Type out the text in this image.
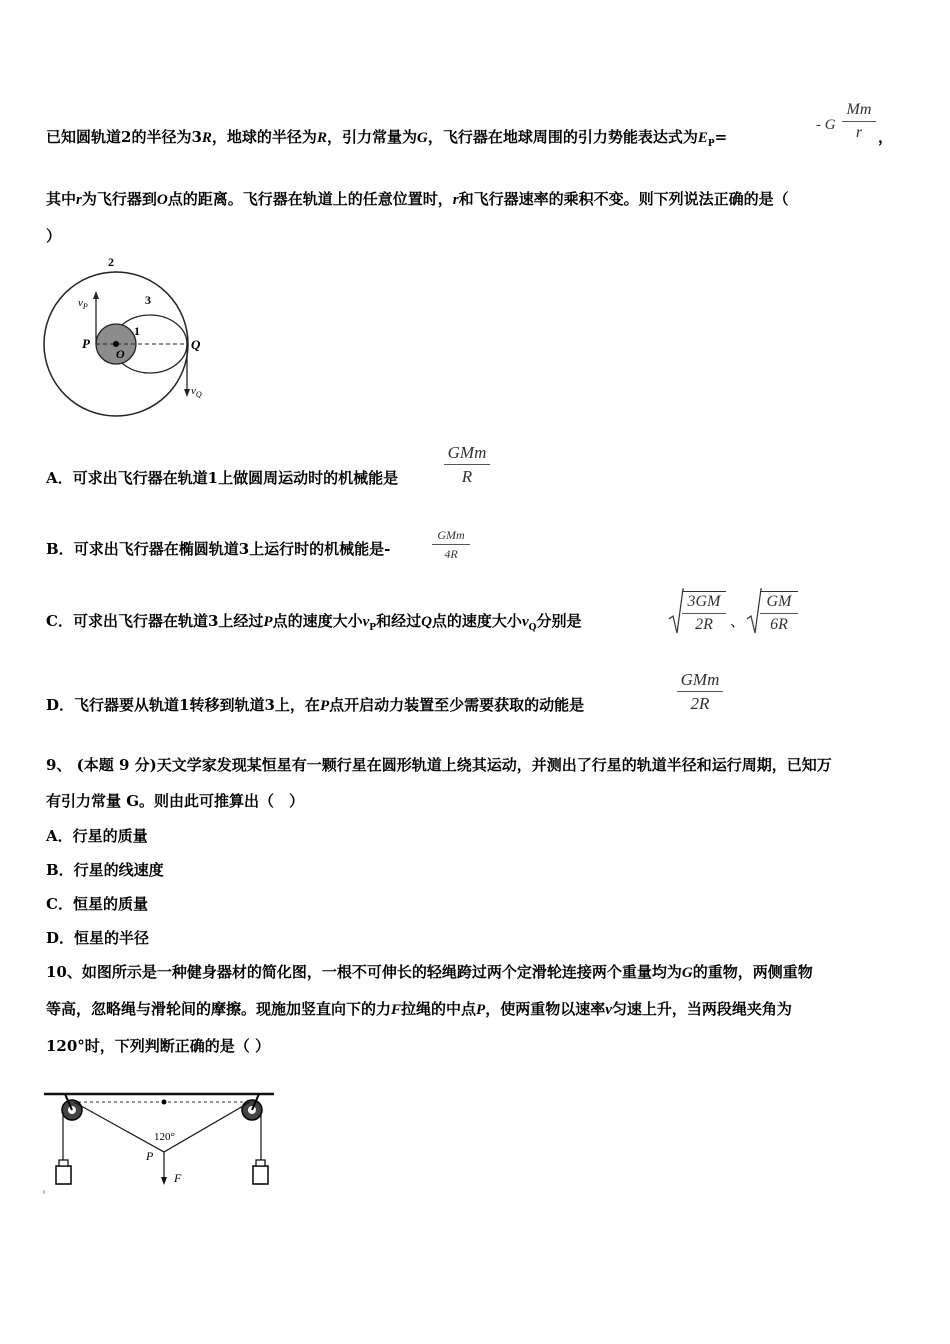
已知圆轨道2的半径为3R，地球的半径为R，引力常量为G，飞行器在地球周围的引力势能表达式为$E_P=$
- G
Mm
r	，
其中r为飞行器到O点的距离。飞行器在轨道上的任意位置时，r和飞行器速率的乘积不变。则下列说法正确的是（
）
2
3
1
P
O
Q
$v_P$
$v_Q$
A．可求出飞行器在轨道1上做圆周运动时的机械能是
GMm
R
B．可求出飞行器在椭圆轨道3上运行时的机械能是-
GMm
4R
C．可求出飞行器在轨道3上经过P点的速度大小$v_P$和经过Q点的速度大小$v_Q$分别是
3GM
2R	、
GM
6R
D．飞行器要从轨道1转移到轨道3上，在P点开启动力装置至少需要获取的动能是
GMm
2R
9、 (本题 9 分)天文学家发现某恒星有一颗行星在圆形轨道上绕其运动，并测出了行星的轨道半径和运行周期，已知万
有引力常量 G。则由此可推算出（　）
A．行星的质量
B．行星的线速度
C．恒星的质量
D．恒星的半径
10、如图所示是一种健身器材的简化图，一根不可伸长的轻绳跨过两个定滑轮连接两个重量均为G的重物，两侧重物
等高，忽略绳与滑轮间的摩擦。现施加竖直向下的力F拉绳的中点P，使两重物以速率v匀速上升，当两段绳夹角为
120°时，下列判断正确的是（ ）
120°
P
F
